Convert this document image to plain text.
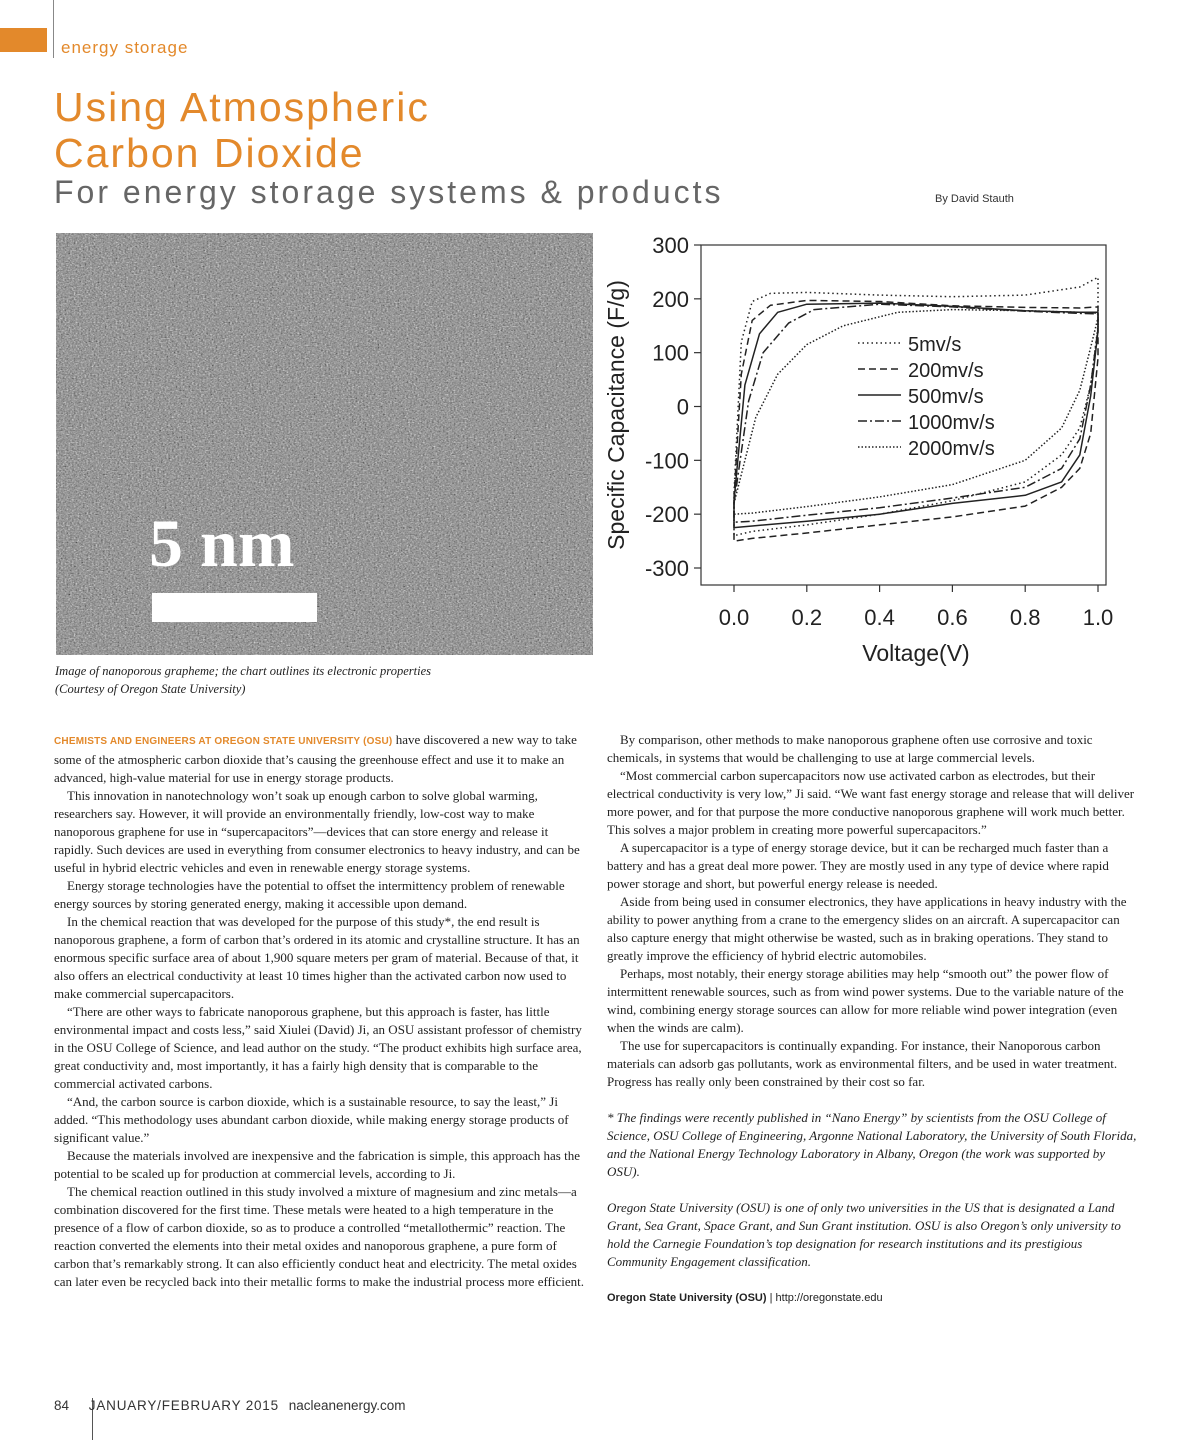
energy storage
Using Atmospheric
Carbon Dioxide
For energy storage systems & products	By David Stauth
5 nm
300
200
100
0
-100
-200
-300
0.0 0.2 0.4 0.6 0.8 1.0
5mv/s
200mv/s
500mv/s
1000mv/s
2000mv/s
Voltage(V)
Specific Capacitance (F/g)
Image of nanoporous grapheme; the chart outlines its electronic properties
(Courtesy of Oregon State University)

CHEMISTS AND ENGINEERS AT OREGON STATE UNIVERSITY (OSU) have discovered a new way to take some of the atmospheric carbon dioxide that’s causing the greenhouse effect and use it to make an advanced, high-value material for use in energy storage products.

This innovation in nanotechnology won’t soak up enough carbon to solve global warming, researchers say. However, it will provide an environmentally friendly, low-cost way to make nanoporous graphene for use in “supercapacitors”—devices that can store energy and release it rapidly. Such devices are used in everything from consumer electronics to heavy industry, and can be useful in hybrid electric vehicles and even in renewable energy storage systems.

Energy storage technologies have the potential to offset the intermittency problem of renewable energy sources by storing generated energy, making it accessible upon demand.

In the chemical reaction that was developed for the purpose of this study*, the end result is nanoporous graphene, a form of carbon that’s ordered in its atomic and crystalline structure. It has an enormous specific surface area of about 1,900 square meters per gram of material. Because of that, it also offers an electrical conductivity at least 10 times higher than the activated carbon now used to make commercial supercapacitors.

“There are other ways to fabricate nanoporous graphene, but this approach is faster, has little environmental impact and costs less,” said Xiulei (David) Ji, an OSU assistant professor of chemistry in the OSU College of Science, and lead author on the study. “The product exhibits high surface area, great conductivity and, most importantly, it has a fairly high density that is comparable to the commercial activated carbons.

“And, the carbon source is carbon dioxide, which is a sustainable resource, to say the least,” Ji added. “This methodology uses abundant carbon dioxide, while making energy storage products of significant value.”

Because the materials involved are inexpensive and the fabrication is simple, this approach has the potential to be scaled up for production at commercial levels, according to Ji.

The chemical reaction outlined in this study involved a mixture of magnesium and zinc metals—a combination discovered for the first time. These metals were heated to a high temperature in the presence of a flow of carbon dioxide, so as to produce a controlled “metallothermic” reaction. The reaction converted the elements into their metal oxides and nanoporous graphene, a pure form of carbon that’s remarkably strong. It can also efficiently conduct heat and electricity. The metal oxides can later even be recycled back into their metallic forms to make the industrial process more efficient.

By comparison, other methods to make nanoporous graphene often use corrosive and toxic chemicals, in systems that would be challenging to use at large commercial levels.

“Most commercial carbon supercapacitors now use activated carbon as electrodes, but their electrical conductivity is very low,” Ji said. “We want fast energy storage and release that will deliver more power, and for that purpose the more conductive nanoporous graphene will work much better. This solves a major problem in creating more powerful supercapacitors.”

A supercapacitor is a type of energy storage device, but it can be recharged much faster than a battery and has a great deal more power. They are mostly used in any type of device where rapid power storage and short, but powerful energy release is needed.

Aside from being used in consumer electronics, they have applications in heavy industry with the ability to power anything from a crane to the emergency slides on an aircraft. A supercapacitor can also capture energy that might otherwise be wasted, such as in braking operations. They stand to greatly improve the efficiency of hybrid electric automobiles.

Perhaps, most notably, their energy storage abilities may help “smooth out” the power flow of intermittent renewable sources, such as from wind power systems. Due to the variable nature of the wind, combining energy storage sources can allow for more reliable wind power integration (even when the winds are calm).

The use for supercapacitors is continually expanding. For instance, their Nanoporous carbon materials can adsorb gas pollutants, work as environmental filters, and be used in water treatment. Progress has really only been constrained by their cost so far.

* The findings were recently published in “Nano Energy” by scientists from the OSU College of Science, OSU College of Engineering, Argonne National Laboratory, the University of South Florida, and the National Energy Technology Laboratory in Albany, Oregon (the work was supported by OSU).

Oregon State University (OSU) is one of only two universities in the US that is designated a Land Grant, Sea Grant, Space Grant, and Sun Grant institution. OSU is also Oregon’s only university to hold the Carnegie Foundation’s top designation for research institutions and its prestigious Community Engagement classification.

Oregon State University (OSU) | http://oregonstate.edu

84 JANUARY/FEBRUARY 2015 nacleanenergy.com
